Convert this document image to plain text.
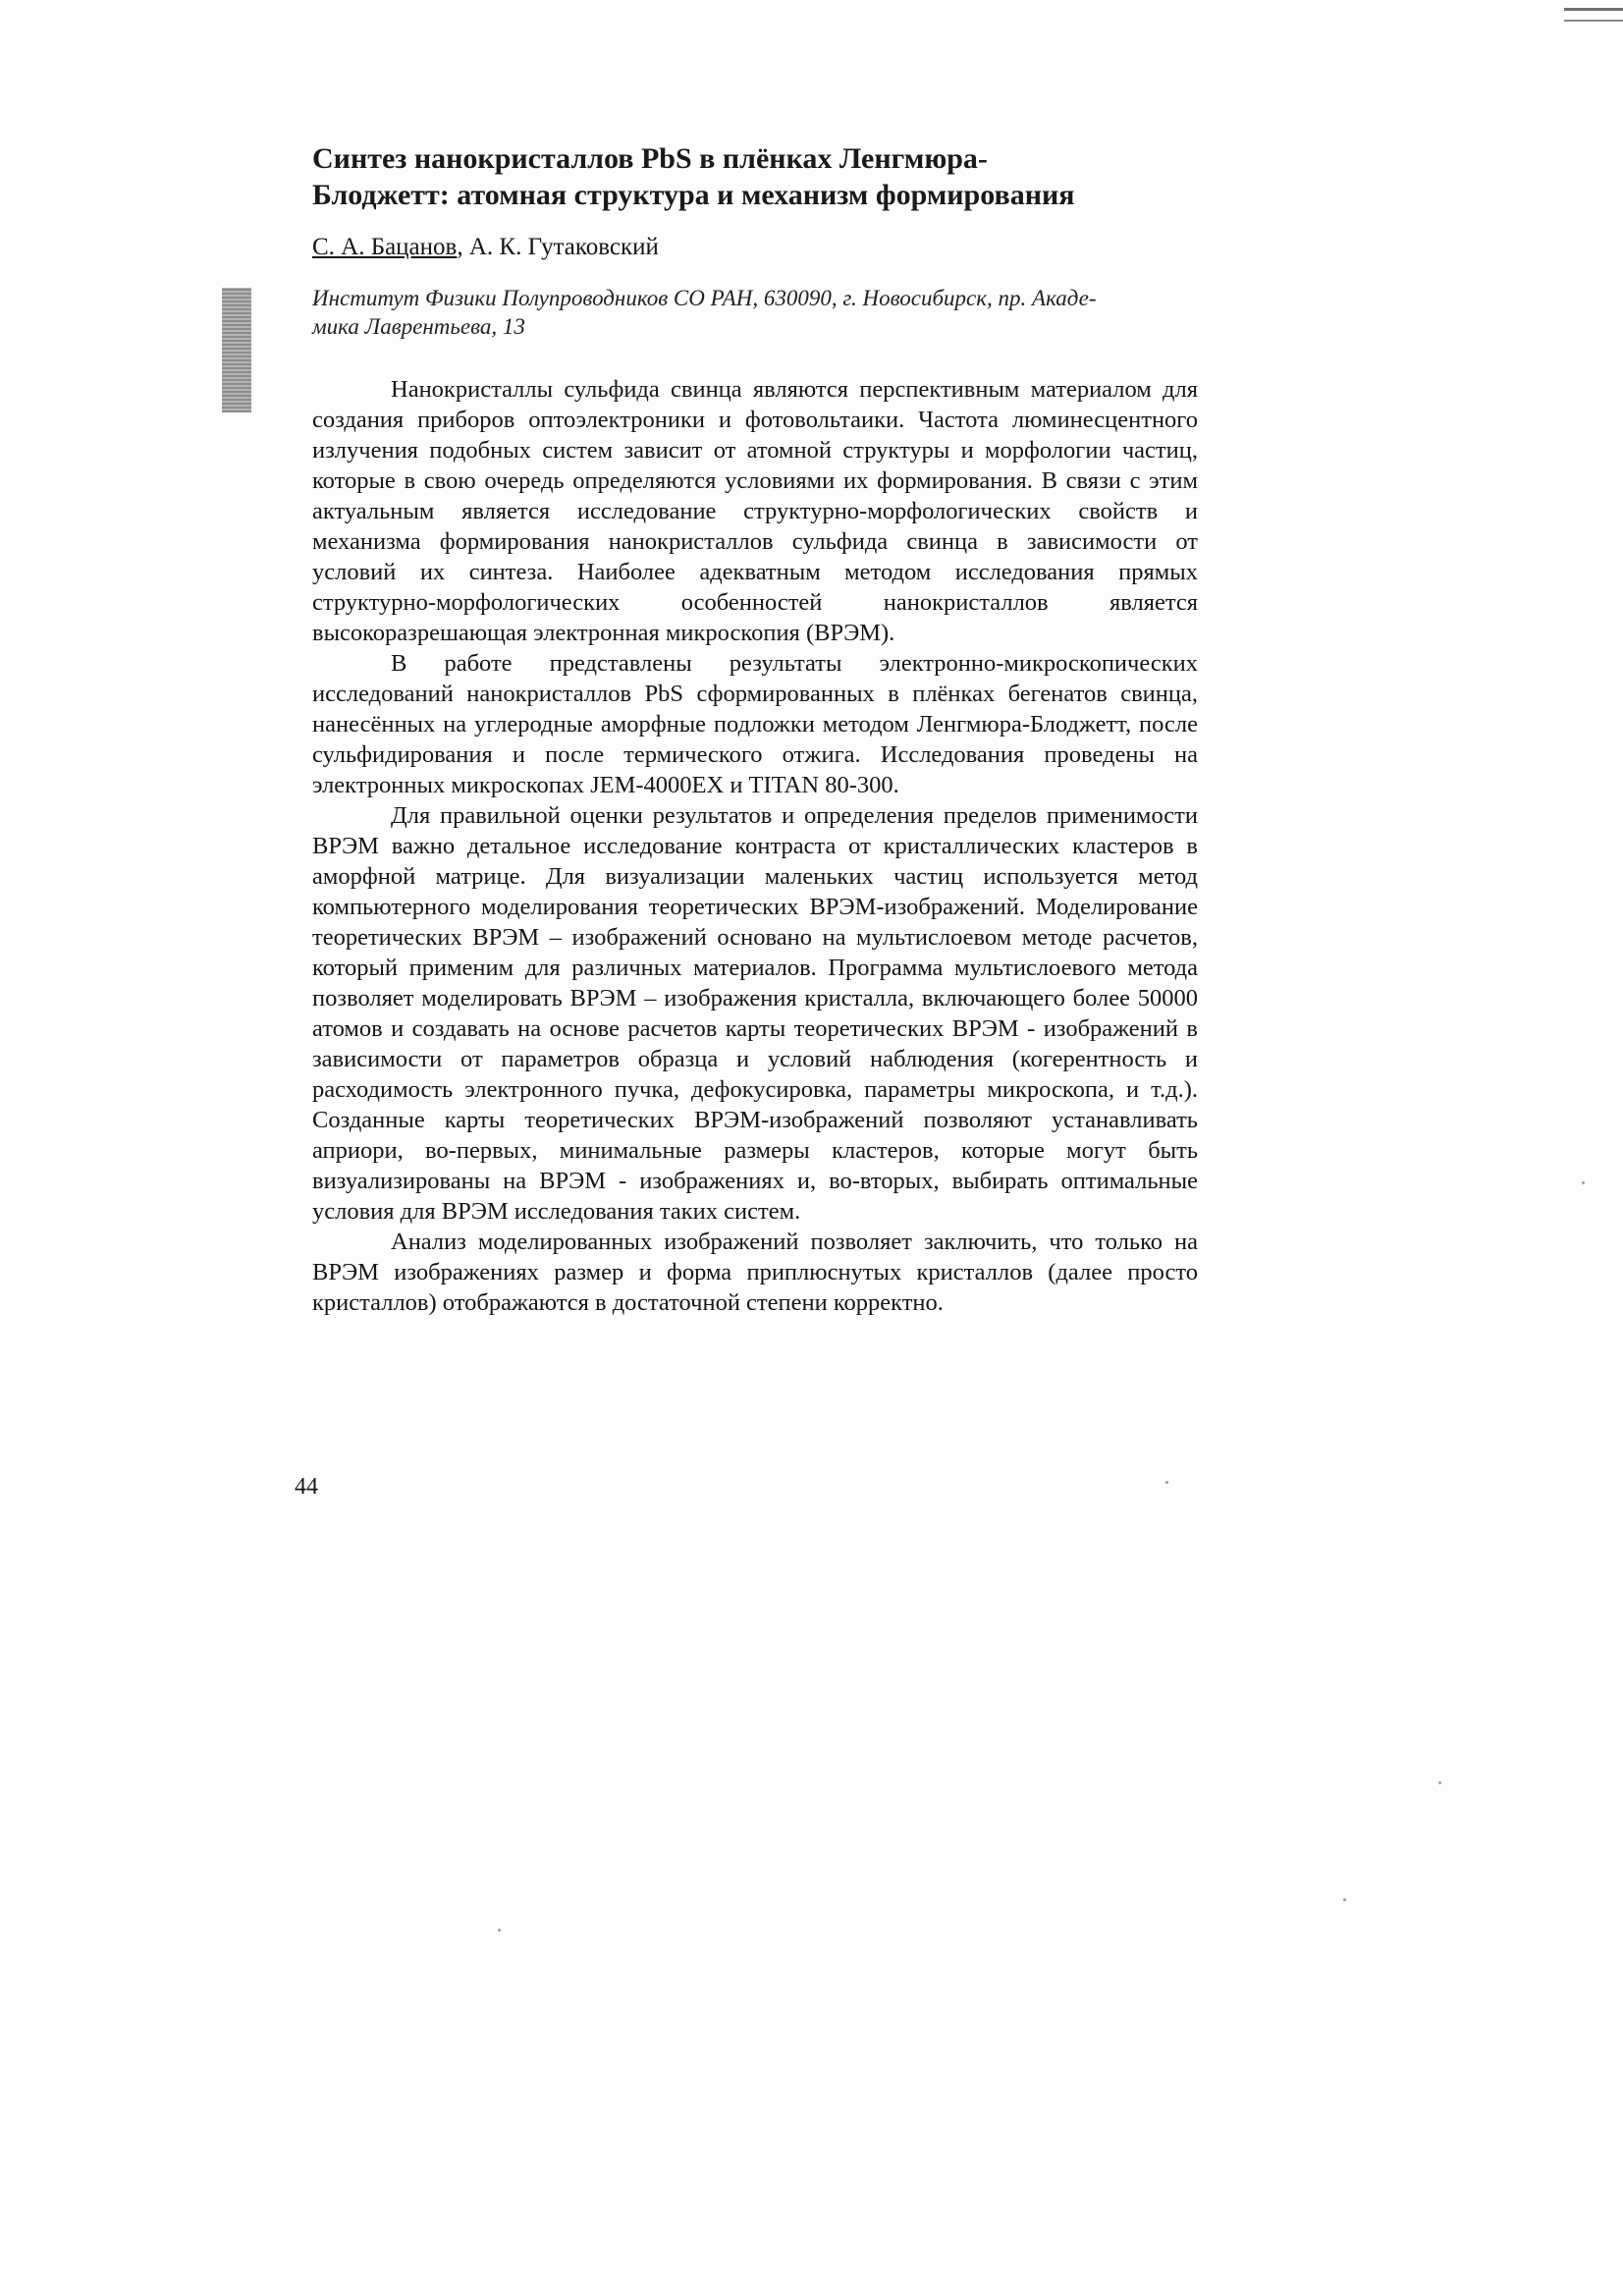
Синтез нанокристаллов PbS в плёнках Ленгмюра-
Блоджетт: атомная структура и механизм формирования
С. А. Бацанов, А. К. Гутаковский
Институт Физики Полупроводников СО РАН, 630090, г. Новосибирск, пр. Акаде-
мика Лаврентьева, 13

Нанокристаллы сульфида свинца являются перспективным материалом для создания приборов оптоэлектроники и фотовольтаики. Частота люминесцентного излучения подобных систем зависит от атомной структуры и морфологии частиц, которые в свою очередь определяются условиями их формирования. В связи с этим актуальным является исследование структурно-морфологических свойств и механизма формирования нанокристаллов сульфида свинца в зависимости от условий их синтеза. Наиболее адекватным методом исследования прямых структурно-морфологических особенностей нанокристаллов является высокоразрешающая электронная микроскопия (ВРЭМ).

В работе представлены результаты электронно-микроскопических исследований нанокристаллов PbS сформированных в плёнках бегенатов свинца, нанесённых на углеродные аморфные подложки методом Ленгмюра-Блоджетт, после сульфидирования и после термического отжига. Исследования проведены на электронных микроскопах JEM-4000EX и TITAN 80-300.

Для правильной оценки результатов и определения пределов применимости ВРЭМ важно детальное исследование контраста от кристаллических кластеров в аморфной матрице. Для визуализации маленьких частиц используется метод компьютерного моделирования теоретических ВРЭМ-изображений. Моделирование теоретических ВРЭМ – изображений основано на мультислоевом методе расчетов, который применим для различных материалов. Программа мультислоевого метода позволяет моделировать ВРЭМ – изображения кристалла, включающего более 50000 атомов и создавать на основе расчетов карты теоретических ВРЭМ - изображений в зависимости от параметров образца и условий наблюдения (когерентность и расходимость электронного пучка, дефокусировка, параметры микроскопа, и т.д.). Созданные карты теоретических ВРЭМ-изображений позволяют устанавливать априори, во-первых, минимальные размеры кластеров, которые могут быть визуализированы на ВРЭМ - изображениях и, во-вторых, выбирать оптимальные условия для ВРЭМ исследования таких систем.

Анализ моделированных изображений позволяет заключить, что только на ВРЭМ изображениях размер и форма приплюснутых кристаллов (далее просто кристаллов) отображаются в достаточной степени корректно.

44
